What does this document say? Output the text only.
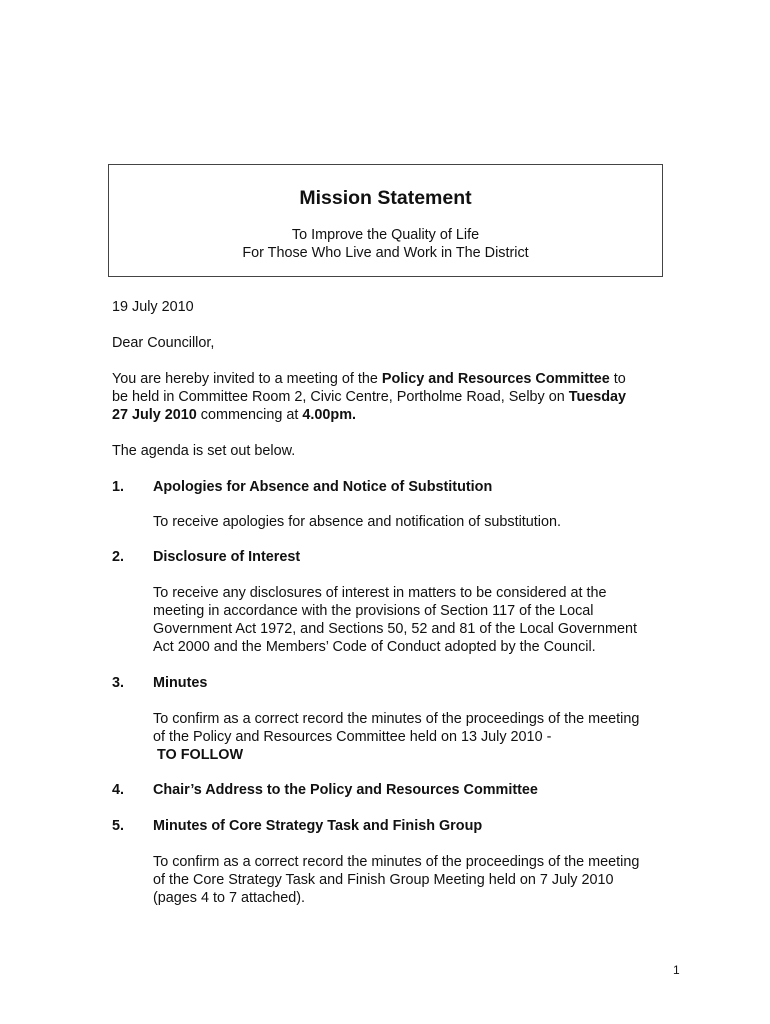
Mission Statement
To Improve the Quality of Life
For Those Who Live and Work in The District
19 July 2010
Dear Councillor,
You are hereby invited to a meeting of the Policy and Resources Committee to
be held in Committee Room 2, Civic Centre, Portholme Road, Selby on Tuesday
27 July 2010 commencing at 4.00pm.
The agenda is set out below.
1. Apologies for Absence and Notice of Substitution
To receive apologies for absence and notification of substitution.
2. Disclosure of Interest
To receive any disclosures of interest in matters to be considered at the
meeting in accordance with the provisions of Section 117 of the Local
Government Act 1972, and Sections 50, 52 and 81 of the Local Government
Act 2000 and the Members’ Code of Conduct adopted by the Council.
3. Minutes
To confirm as a correct record the minutes of the proceedings of the meeting
of the Policy and Resources Committee held on 13 July 2010 -
TO FOLLOW
4. Chair’s Address to the Policy and Resources Committee
5. Minutes of Core Strategy Task and Finish Group
To confirm as a correct record the minutes of the proceedings of the meeting
of the Core Strategy Task and Finish Group Meeting held on 7 July 2010
(pages 4 to 7 attached).
1
